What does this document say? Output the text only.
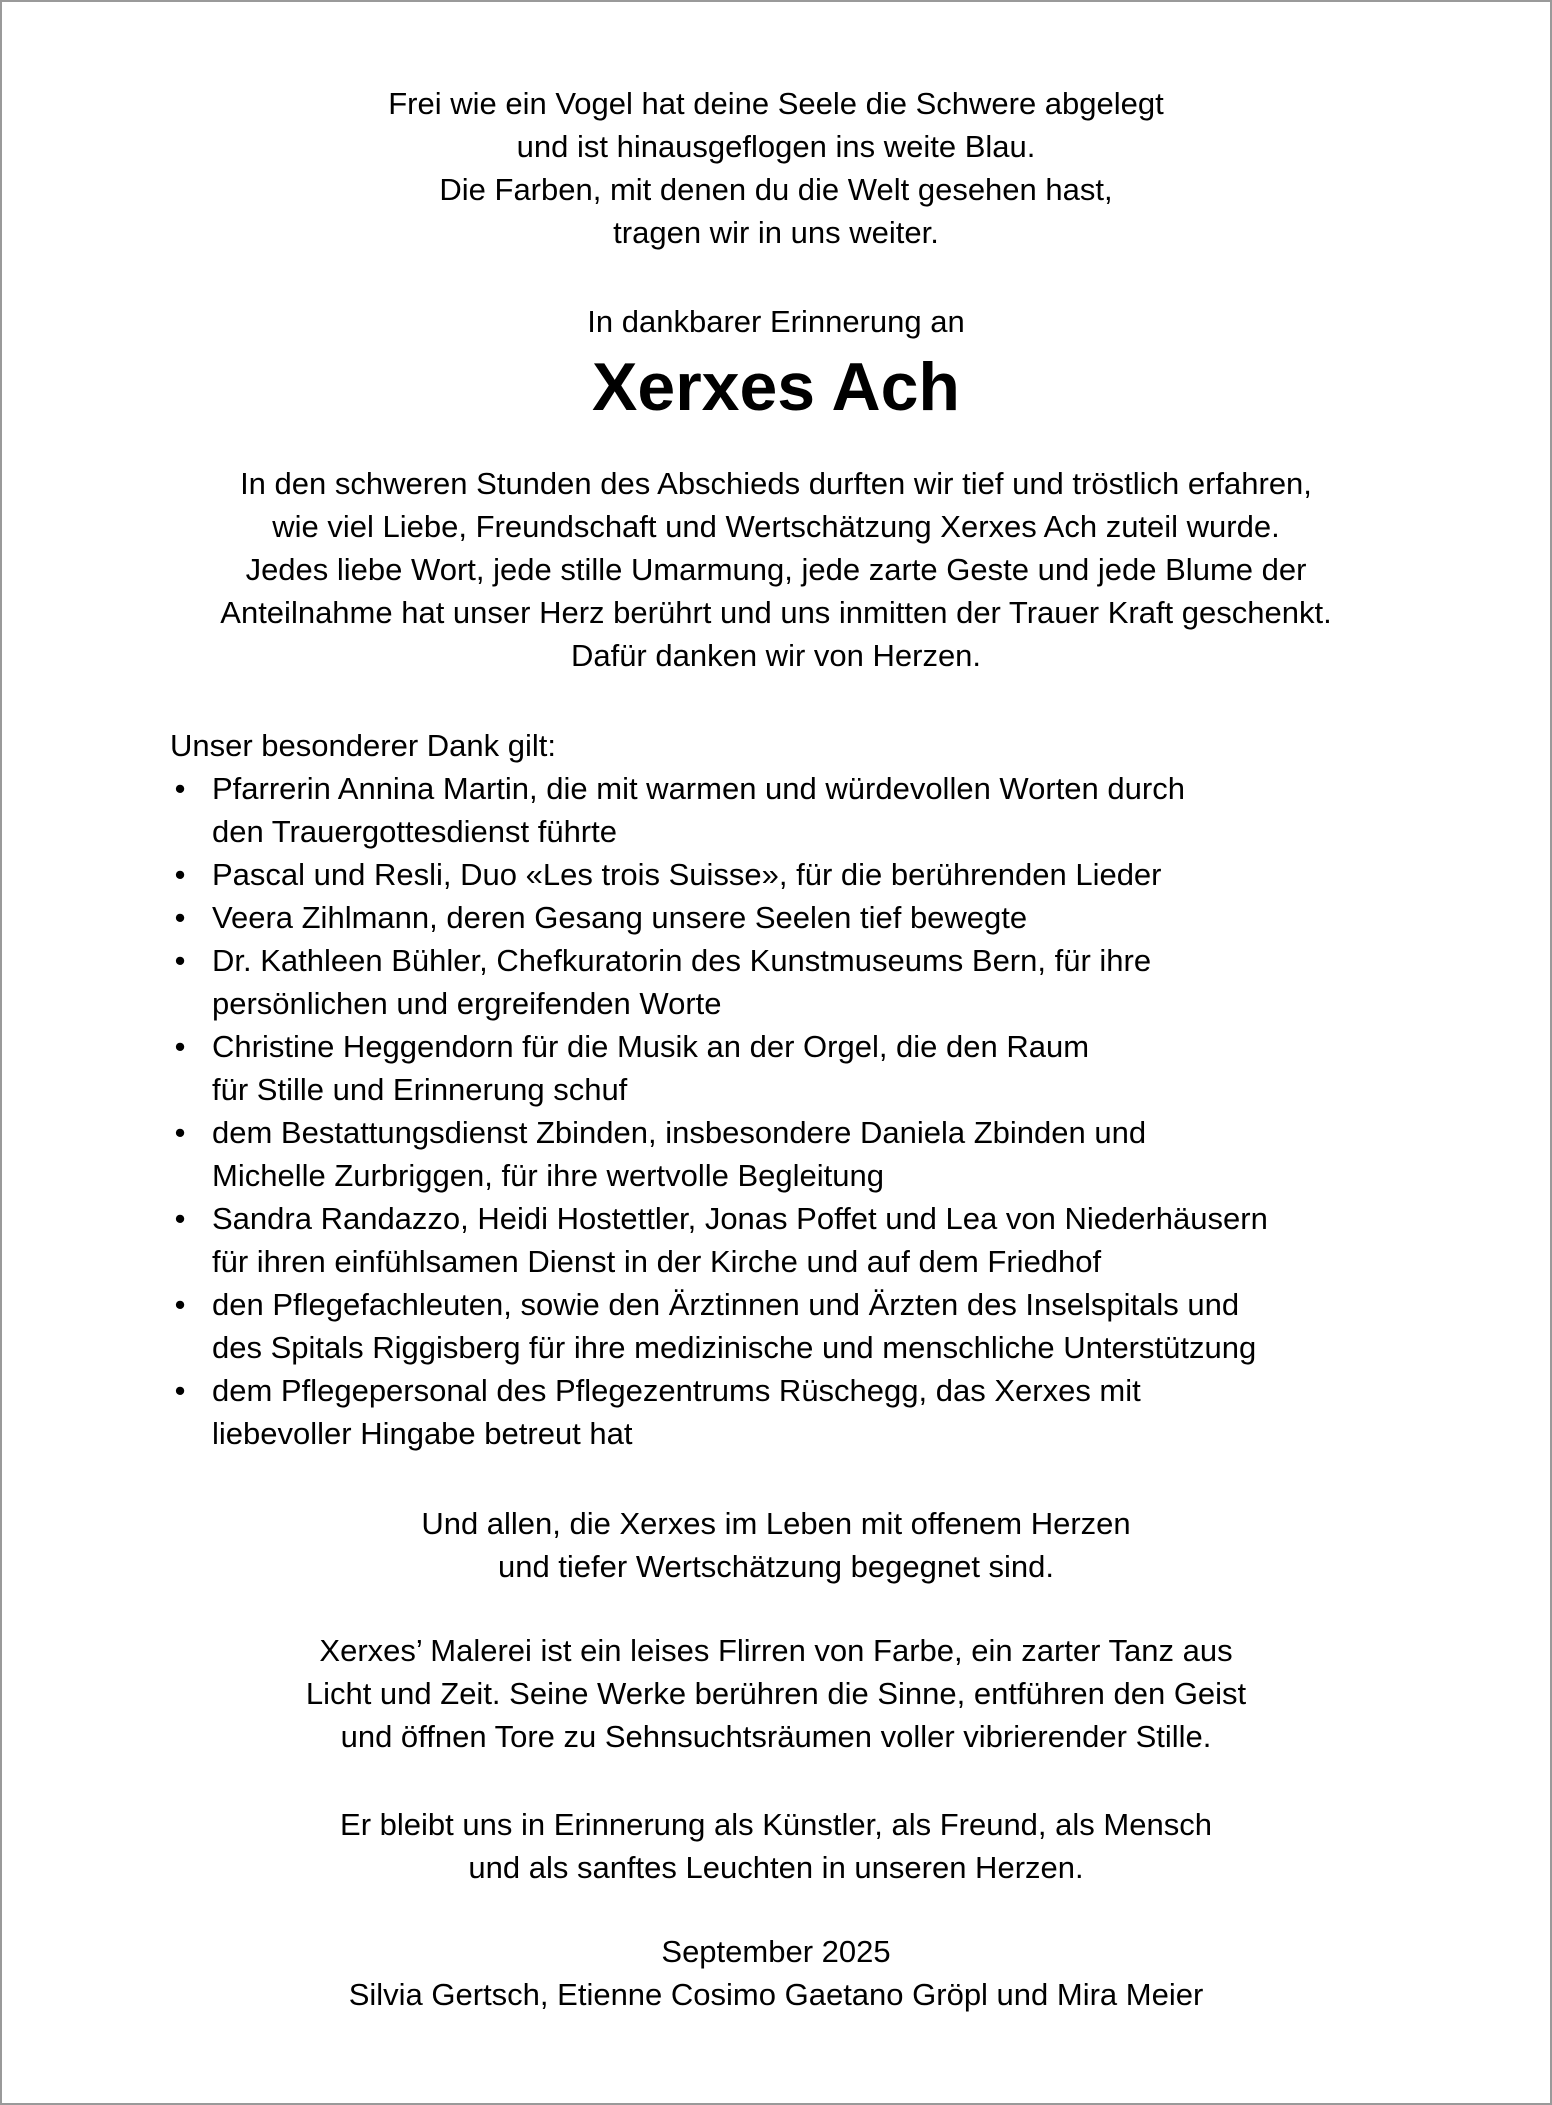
Frei wie ein Vogel hat deine Seele die Schwere abgelegt
und ist hinausgeflogen ins weite Blau.
Die Farben, mit denen du die Welt gesehen hast,
tragen wir in uns weiter.
In dankbarer Erinnerung an
Xerxes Ach
In den schweren Stunden des Abschieds durften wir tief und tröstlich erfahren,
wie viel Liebe, Freundschaft und Wertschätzung Xerxes Ach zuteil wurde.
Jedes liebe Wort, jede stille Umarmung, jede zarte Geste und jede Blume der
Anteilnahme hat unser Herz berührt und uns inmitten der Trauer Kraft geschenkt.
Dafür danken wir von Herzen.
Unser besonderer Dank gilt:
• Pfarrerin Annina Martin, die mit warmen und würdevollen Worten durch
den Trauergottesdienst führte
• Pascal und Resli, Duo «Les trois Suisse», für die berührenden Lieder
• Veera Zihlmann, deren Gesang unsere Seelen tief bewegte
• Dr. Kathleen Bühler, Chefkuratorin des Kunstmuseums Bern, für ihre
persönlichen und ergreifenden Worte
• Christine Heggendorn für die Musik an der Orgel, die den Raum
für Stille und Erinnerung schuf
• dem Bestattungsdienst Zbinden, insbesondere Daniela Zbinden und
Michelle Zurbriggen, für ihre wertvolle Begleitung
• Sandra Randazzo, Heidi Hostettler, Jonas Poffet und Lea von Niederhäusern
für ihren einfühlsamen Dienst in der Kirche und auf dem Friedhof
• den Pflegefachleuten, sowie den Ärztinnen und Ärzten des Inselspitals und
des Spitals Riggisberg für ihre medizinische und menschliche Unterstützung
• dem Pflegepersonal des Pflegezentrums Rüschegg, das Xerxes mit
liebevoller Hingabe betreut hat
Und allen, die Xerxes im Leben mit offenem Herzen
und tiefer Wertschätzung begegnet sind.
Xerxes’ Malerei ist ein leises Flirren von Farbe, ein zarter Tanz aus
Licht und Zeit. Seine Werke berühren die Sinne, entführen den Geist
und öffnen Tore zu Sehnsuchtsräumen voller vibrierender Stille.
Er bleibt uns in Erinnerung als Künstler, als Freund, als Mensch
und als sanftes Leuchten in unseren Herzen.
September 2025
Silvia Gertsch, Etienne Cosimo Gaetano Gröpl und Mira Meier
